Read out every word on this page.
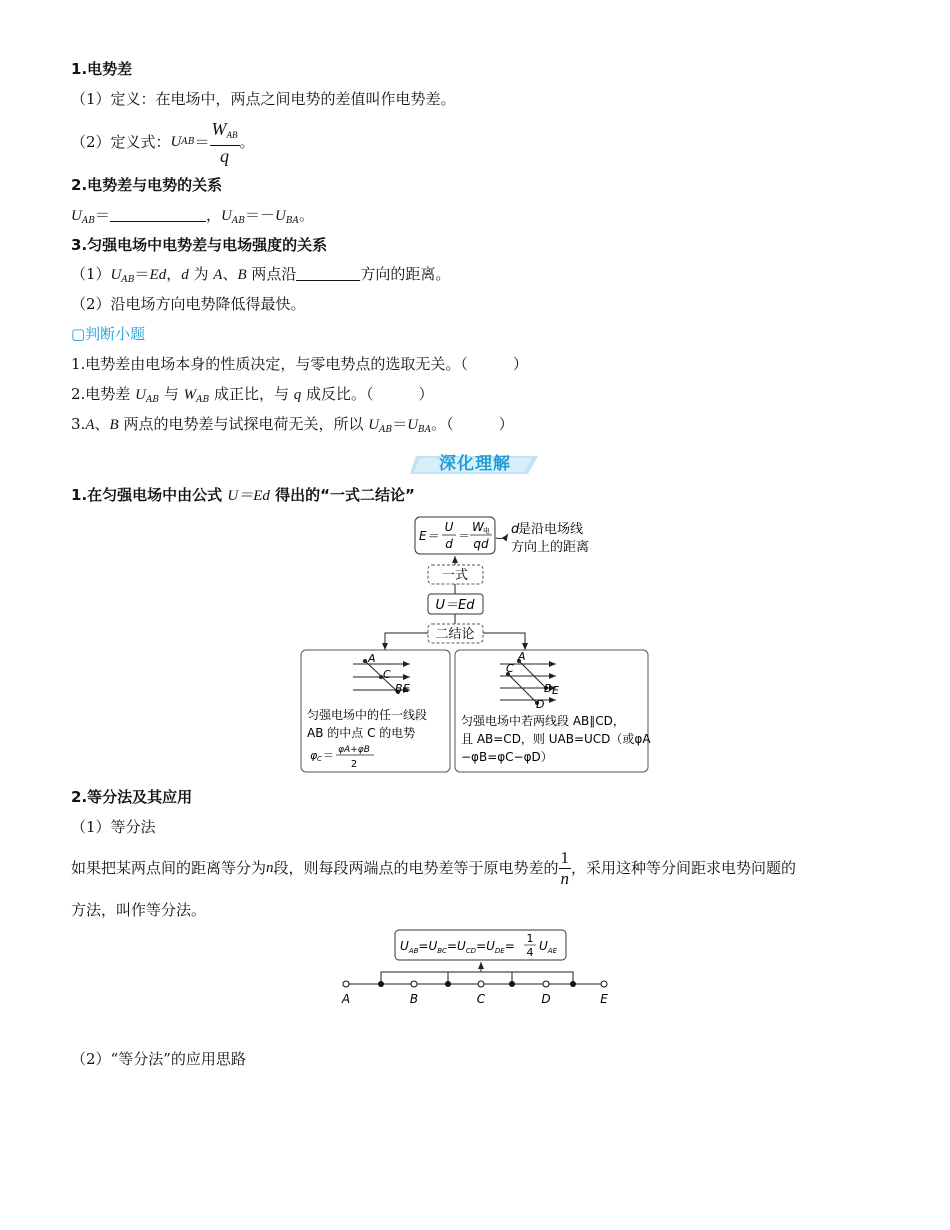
1.电势差
（1）定义：在电场中，两点之间电势的差值叫作电势差。
（2）定义式： U AB ＝ $\frac{W_{AB}}{q}$ 。
2.电势差与电势的关系
$U_{AB}=$	，$U_{AB}=-U_{BA}$。
3.匀强电场中电势差与电场强度的关系
$(1)U_{AB}=Ed$，d 为 A、B 两点沿	方向的距离。
（2）沿电场方向电势降低得最快。
▢判断小题
1.电势差由电场本身的性质决定，与零电势点的选取无关。（　　　）
2.电势差 $U_{AB}$ 与 $W_{AB}$ 成正比，与 q 成反比。（　　　）
3.A、B 两点的电势差与试探电荷无关，所以 $U_{AB}=U_{BA}$。（　　　）
深化理解
1.在匀强电场中由公式 U＝Ed 得出的“一式二结论”
E＝
U
d
＝
W 电
qd
d
是沿电场线
方向上的距离
一式
U＝Ed
二结论
A
C
B E
匀强电场中的任一线段
AB 的中点 C 的电势
φ C ＝ φA+φB
2
A
C
B E
D
匀强电场中若两线段 AB∥CD，
且 AB=CD，则 UAB=UCD（或φA
−φB=φC−φD）
2.等分法及其应用
（1）等分法
如果把某两点间的距离等分为 n 段，则每段两端点的电势差等于原电势差的 $\frac{1}{n}$ ，采用这种等分间距求电势问题的
方法，叫作等分法。
$U_{AB}=U_{BC}=U_{CD}=U_{DE}=$
1
4 $U_{AE}$
A	B	C	D	E
（2）“等分法”的应用思路
